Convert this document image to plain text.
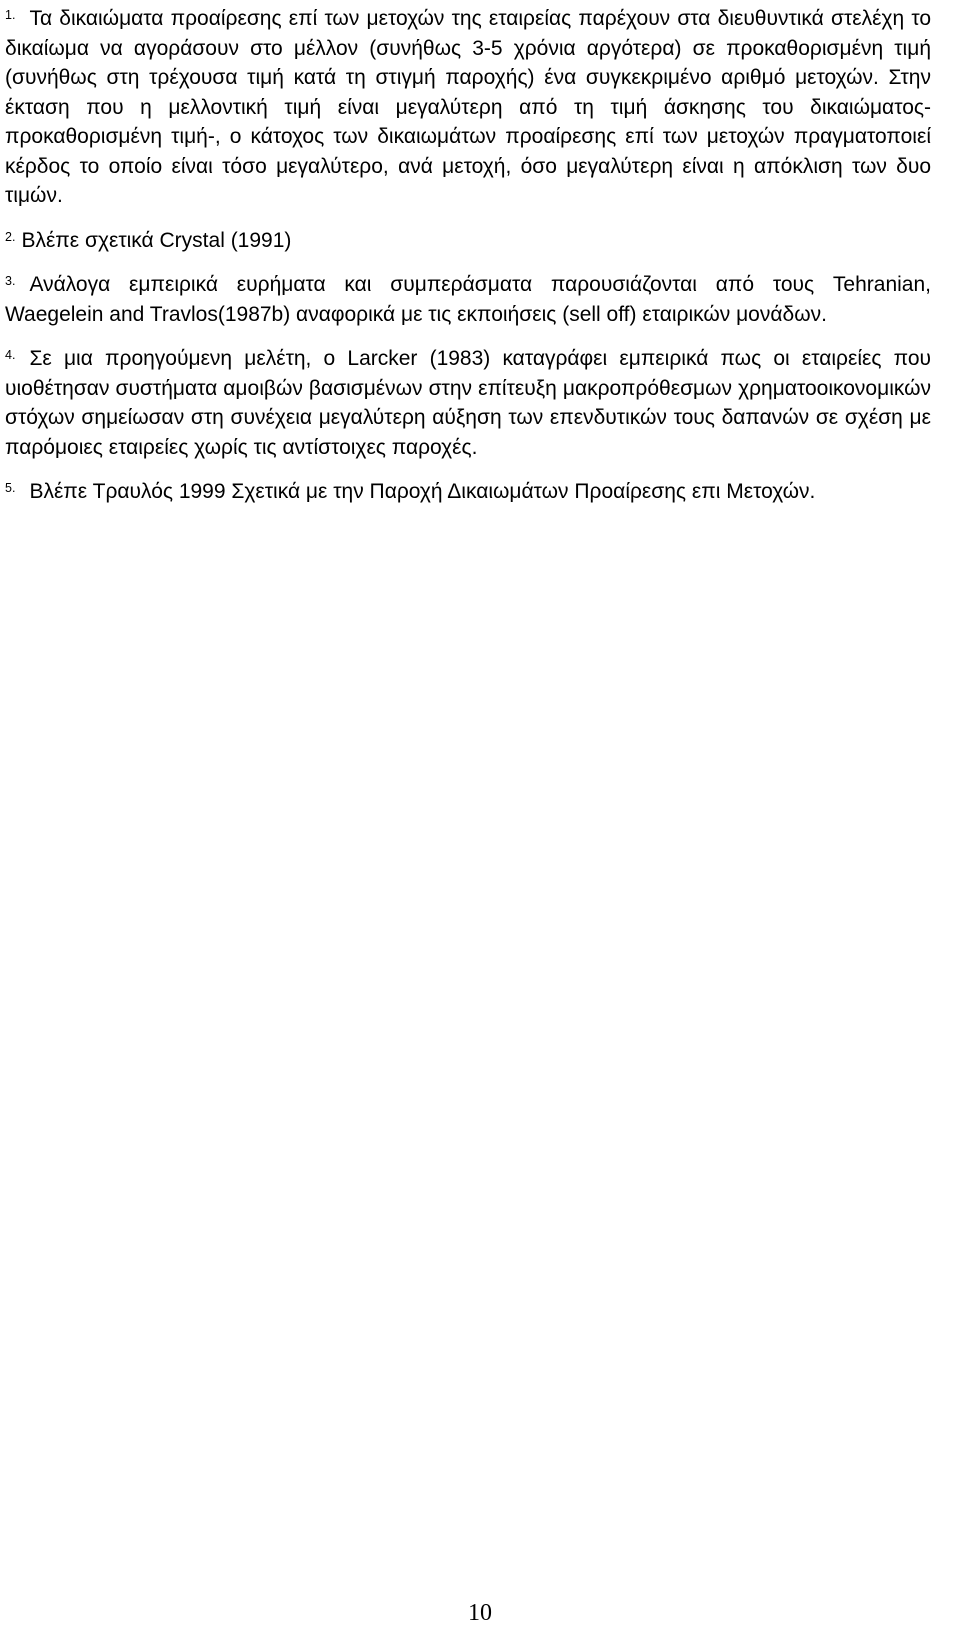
$^{1.}$ Τα δικαιώματα προαίρεσης επί των μετοχών της εταιρείας παρέχουν στα διευθυντικά στελέχη το δικαίωμα να αγοράσουν στο μέλλον (συνήθως 3-5 χρόνια αργότερα) σε προκαθορισμένη τιμή (συνήθως στη τρέχουσα τιμή κατά τη στιγμή παροχής) ένα συγκεκριμένο αριθμό μετοχών. Στην έκταση που η μελλοντική τιμή είναι μεγαλύτερη από τη τιμή άσκησης του δικαιώματος-προκαθορισμένη τιμή-, ο κάτοχος των δικαιωμάτων προαίρεσης επί των μετοχών πραγματοποιεί κέρδος το οποίο είναι τόσο μεγαλύτερο, ανά μετοχή, όσο μεγαλύτερη είναι η απόκλιση των δυο τιμών.

$^{2.}$ Βλέπε σχετικά Crystal (1991)

$^{3.}$ Ανάλογα εμπειρικά ευρήματα και συμπεράσματα παρουσιάζονται από τους Tehranian, Waegelein and Travlos(1987b) αναφορικά με τις εκποιήσεις (sell off) εταιρικών μονάδων.

$^{4.}$ Σε μια προηγούμενη μελέτη, ο Larcker (1983) καταγράφει εμπειρικά πως οι εταιρείες που υιοθέτησαν συστήματα αμοιβών βασισμένων στην επίτευξη μακροπρόθεσμων χρηματοοικονομικών στόχων σημείωσαν στη συνέχεια μεγαλύτερη αύξηση των επενδυτικών τους δαπανών σε σχέση με παρόμοιες εταιρείες χωρίς τις αντίστοιχες παροχές.

$^{5.}$ Βλέπε Τραυλός 1999 Σχετικά με την Παροχή Δικαιωμάτων Προαίρεσης επι Μετοχών.

10
